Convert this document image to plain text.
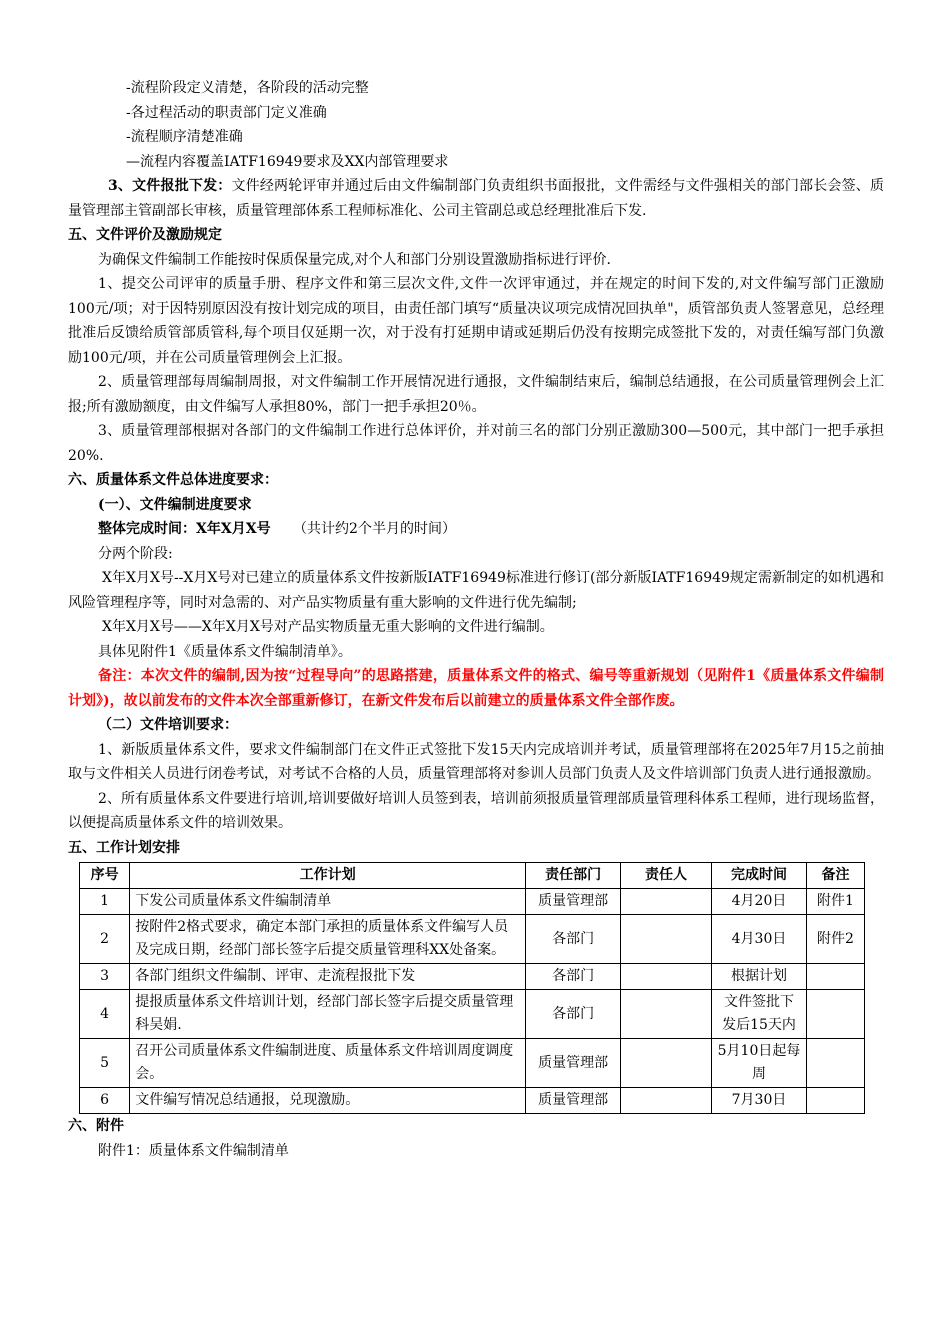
-流程阶段定义清楚，各阶段的活动完整
-各过程活动的职责部门定义准确
-流程顺序清楚准确
—流程内容覆盖IATF16949要求及XX内部管理要求
3、文件报批下发：文件经两轮评审并通过后由文件编制部门负责组织书面报批，文件需经与文件强相关的部门部长会签、质量管理部主管副部长审核，质量管理部体系工程师标准化、公司主管副总或总经理批准后下发.
五、文件评价及激励规定
为确保文件编制工作能按时保质保量完成,对个人和部门分别设置激励指标进行评价.
1、提交公司评审的质量手册、程序文件和第三层次文件,文件一次评审通过，并在规定的时间下发的,对文件编写部门正激励100元/项；对于因特别原因没有按计划完成的项目，由责任部门填写“质量决议项完成情况回执单"，质管部负责人签署意见，总经理批准后反馈给质管部质管科,每个项目仅延期一次，对于没有打延期申请或延期后仍没有按期完成签批下发的，对责任编写部门负激励100元/项，并在公司质量管理例会上汇报。
2、质量管理部每周编制周报，对文件编制工作开展情况进行通报，文件编制结束后，编制总结通报，在公司质量管理例会上汇报;所有激励额度，由文件编写人承担80%，部门一把手承担20％。
3、质量管理部根据对各部门的文件编制工作进行总体评价，并对前三名的部门分别正激励300—500元，其中部门一把手承担20%.
六、质量体系文件总体进度要求：
(一）、文件编制进度要求
整体完成时间：X年X月X号 （共计约2个半月的时间）
分两个阶段:
X年X月X号--X月X号对已建立的质量体系文件按新版IATF16949标准进行修订(部分新版IATF16949规定需新制定的如机遇和风险管理程序等，同时对急需的、对产品实物质量有重大影响的文件进行优先编制;
X年X月X号——X年X月X号对产品实物质量无重大影响的文件进行编制。
具体见附件1《质量体系文件编制清单》。
备注：本次文件的编制,因为按“过程导向”的思路搭建，质量体系文件的格式、编号等重新规划（见附件1《质量体系文件编制计划》)，故以前发布的文件本次全部重新修订，在新文件发布后以前建立的质量体系文件全部作废。
（二）文件培训要求：
1、新版质量体系文件，要求文件编制部门在文件正式签批下发15天内完成培训并考试，质量管理部将在2025年7月15之前抽取与文件相关人员进行闭卷考试，对考试不合格的人员，质量管理部将对参训人员部门负责人及文件培训部门负责人进行通报激励。
2、所有质量体系文件要进行培训,培训要做好培训人员签到表，培训前须报质量管理部质量管理科体系工程师，进行现场监督，以便提高质量体系文件的培训效果。
五、工作计划安排
序号	工作计划	责任部门	责任人	完成时间	备注
1	下发公司质量体系文件编制清单	质量管理部		4月20日	附件1
2	按附件2格式要求，确定本部门承担的质量体系文件编写人员及完成日期，经部门部长签字后提交质量管理科XX处备案。	各部门		4月30日	附件2
3	各部门组织文件编制、评审、走流程报批下发	各部门		根据计划	
4	提报质量体系文件培训计划，经部门部长签字后提交质量管理科吴娟.	各部门		文件签批下发后15天内	
5	召开公司质量体系文件编制进度、质量体系文件培训周度调度会。	质量管理部		5月10日起每周	
6	文件编写情况总结通报，兑现激励。	质量管理部		7月30日	
六、附件
附件1：质量体系文件编制清单
